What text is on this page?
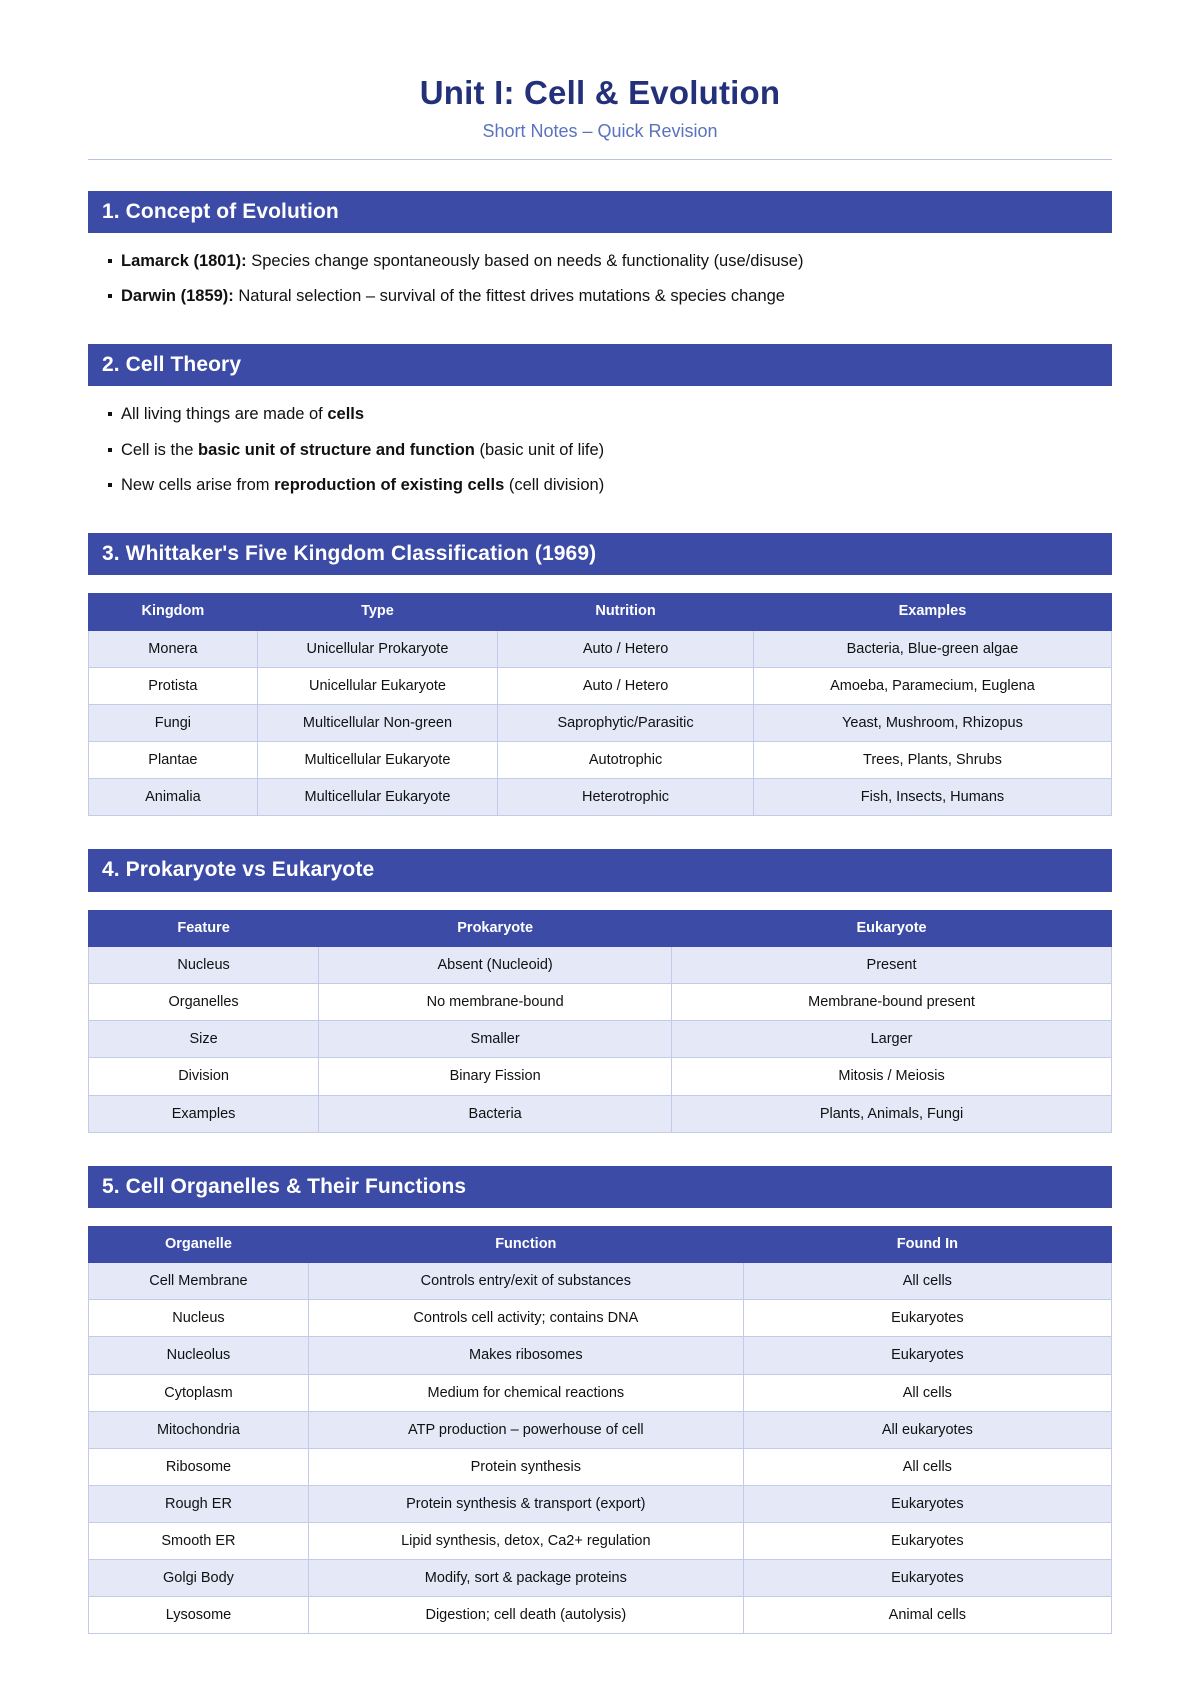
Unit I: Cell & Evolution
Short Notes – Quick Revision
1. Concept of Evolution
Lamarck (1801): Species change spontaneously based on needs & functionality (use/disuse)
Darwin (1859): Natural selection – survival of the fittest drives mutations & species change
2. Cell Theory
All living things are made of cells
Cell is the basic unit of structure and function (basic unit of life)
New cells arise from reproduction of existing cells (cell division)
3. Whittaker's Five Kingdom Classification (1969)
Kingdom	Type	Nutrition	Examples
Monera	Unicellular Prokaryote	Auto / Hetero	Bacteria, Blue-green algae
Protista	Unicellular Eukaryote	Auto / Hetero	Amoeba, Paramecium, Euglena
Fungi	Multicellular Non-green	Saprophytic/Parasitic	Yeast, Mushroom, Rhizopus
Plantae	Multicellular Eukaryote	Autotrophic	Trees, Plants, Shrubs
Animalia	Multicellular Eukaryote	Heterotrophic	Fish, Insects, Humans
4. Prokaryote vs Eukaryote
Feature	Prokaryote	Eukaryote
Nucleus	Absent (Nucleoid)	Present
Organelles	No membrane-bound	Membrane-bound present
Size	Smaller	Larger
Division	Binary Fission	Mitosis / Meiosis
Examples	Bacteria	Plants, Animals, Fungi
5. Cell Organelles & Their Functions
Organelle	Function	Found In
Cell Membrane	Controls entry/exit of substances	All cells
Nucleus	Controls cell activity; contains DNA	Eukaryotes
Nucleolus	Makes ribosomes	Eukaryotes
Cytoplasm	Medium for chemical reactions	All cells
Mitochondria	ATP production – powerhouse of cell	All eukaryotes
Ribosome	Protein synthesis	All cells
Rough ER	Protein synthesis & transport (export)	Eukaryotes
Smooth ER	Lipid synthesis, detox, Ca2+ regulation	Eukaryotes
Golgi Body	Modify, sort & package proteins	Eukaryotes
Lysosome	Digestion; cell death (autolysis)	Animal cells
